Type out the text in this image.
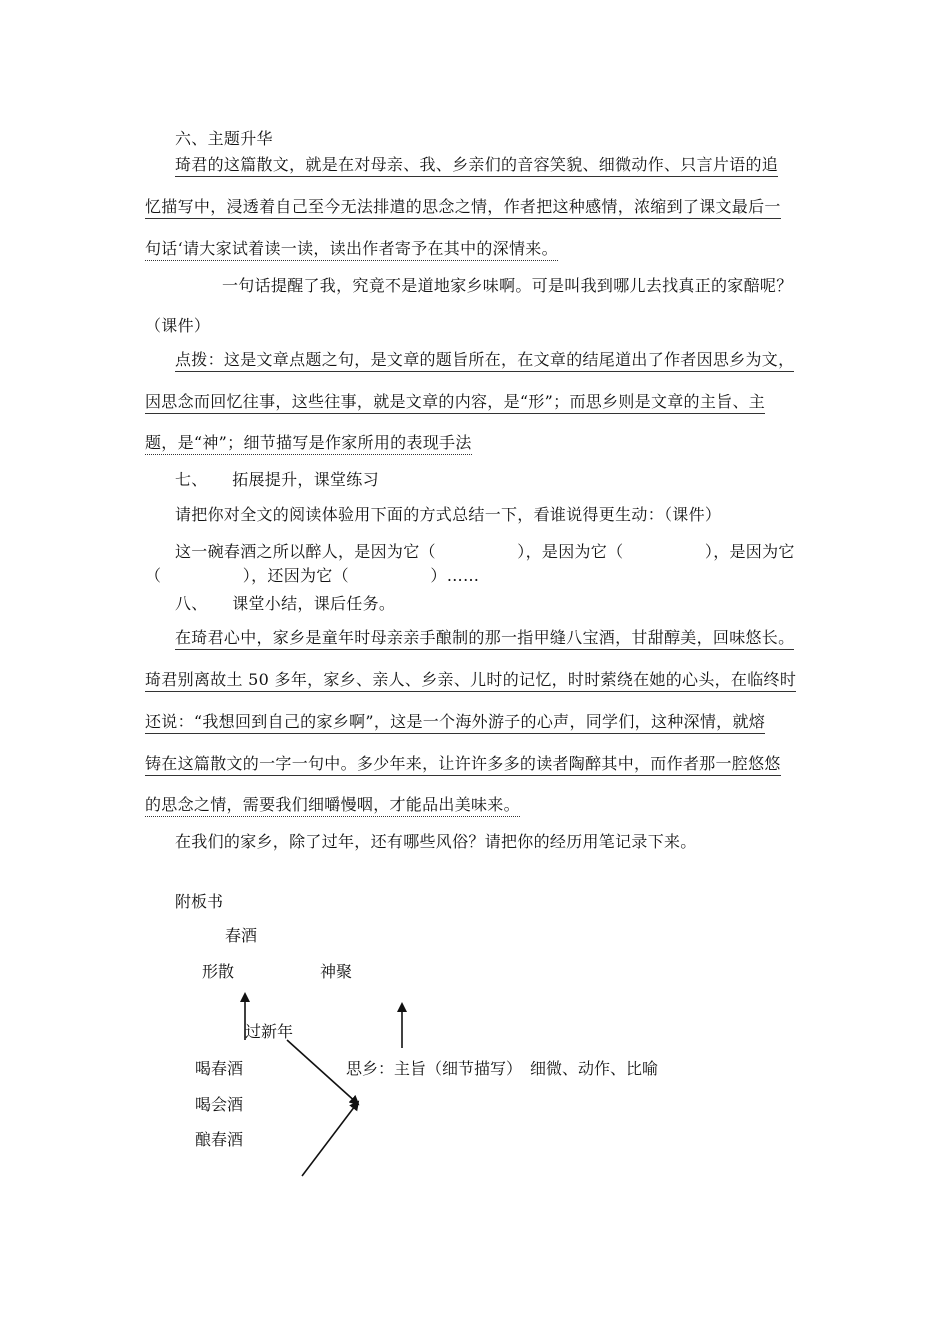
六、主题升华
琦君的这篇散文，就是在对母亲、我、乡亲们的音容笑貌、细微动作、只言片语的追
忆描写中，浸透着自己至今无法排遣的思念之情，作者把这种感情，浓缩到了课文最后一
句话‘请大家试着读一读，读出作者寄予在其中的深情来。
一句话提醒了我，究竟不是道地家乡味啊。可是叫我到哪儿去找真正的家醅呢？
（课件）
点拨：这是文章点题之句，是文章的题旨所在，在文章的结尾道出了作者因思乡为文，
因思念而回忆往事，这些往事，就是文章的内容，是“形”；而思乡则是文章的主旨、主
题，是“神”；细节描写是作家所用的表现手法
七、　　拓展提升，课堂练习
请把你对全文的阅读体验用下面的方式总结一下，看谁说得更生动：（课件）
这一碗春酒之所以醉人，是因为它（　　　　　），是因为它（　　　　　），是因为它
（　　　　　），还因为它（　　　　　）……
八、　　课堂小结，课后任务。
在琦君心中，家乡是童年时母亲亲手酿制的那一指甲缝八宝酒，甘甜醇美，回味悠长。
琦君别离故土 50 多年，家乡、亲人、乡亲、儿时的记忆，时时萦绕在她的心头，在临终时
还说：“我想回到自己的家乡啊”，这是一个海外游子的心声，同学们，这种深情，就熔
铸在这篇散文的一字一句中。多少年来，让许许多多的读者陶醉其中，而作者那一腔悠悠
的思念之情，需要我们细嚼慢咽，才能品出美味来。
在我们的家乡，除了过年，还有哪些风俗？请把你的经历用笔记录下来。
附板书
春酒
形散	神聚
过新年
喝春酒
喝会酒
酿春酒
思乡：主旨（细节描写）　细微、动作、比喻
